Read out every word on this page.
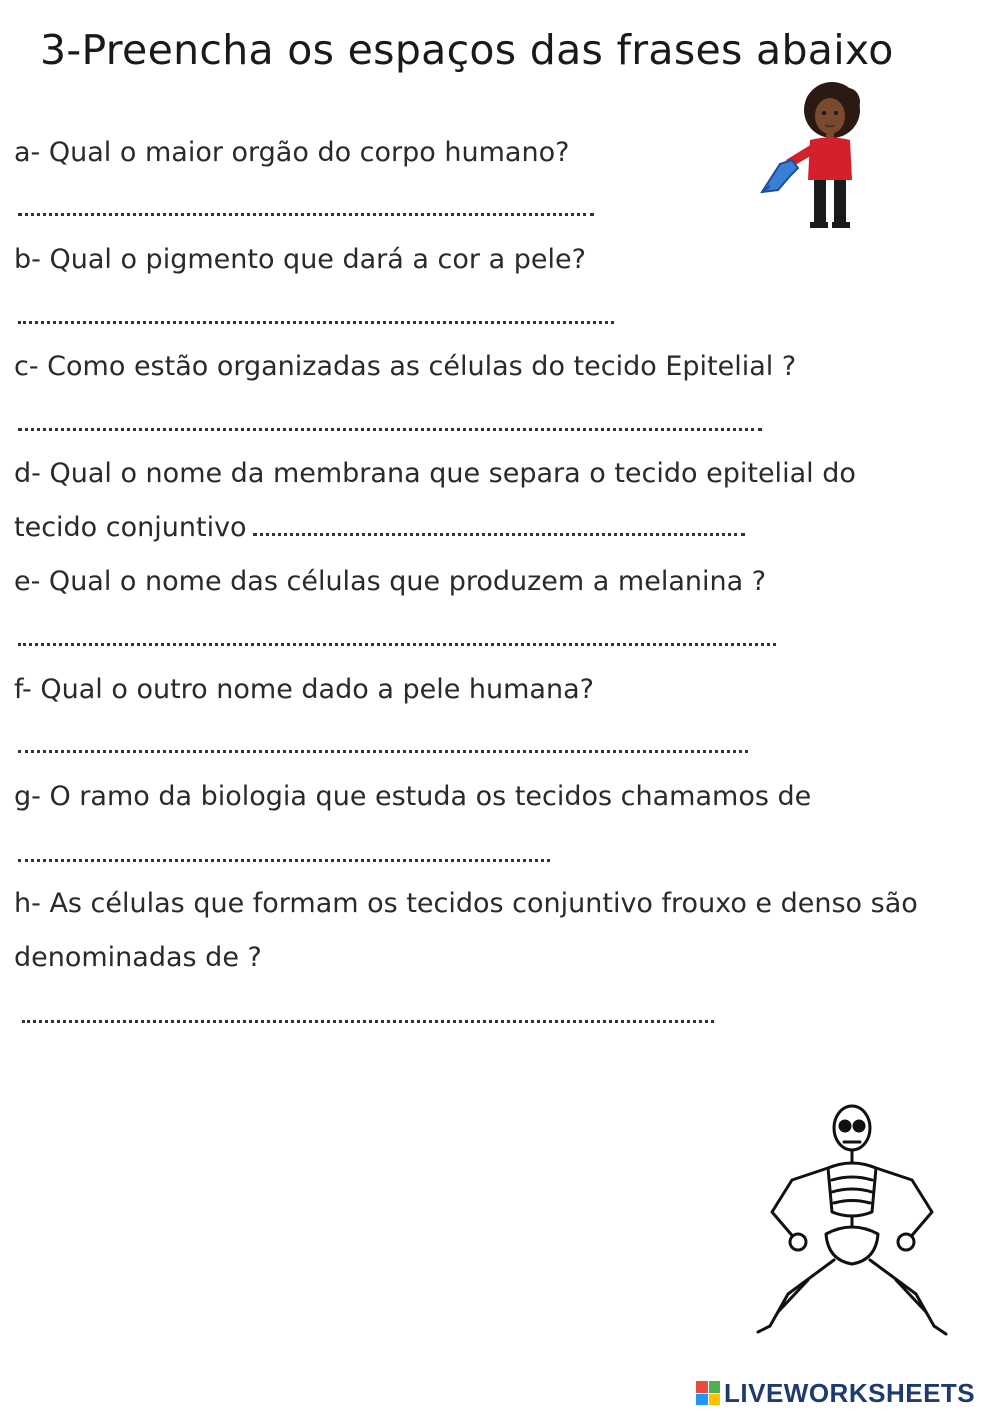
3-Preencha os espaços das frases abaixo

a- Qual o maior orgão do corpo humano?

b- Qual o pigmento que dará a cor a pele?

c- Como estão organizadas as células do tecido Epitelial ?

d- Qual o nome da membrana que separa o tecido epitelial do

tecido conjuntivo

e- Qual o nome das células que produzem a melanina ?

f- Qual o outro nome dado a pele humana?

g- O ramo da biologia que estuda os tecidos chamamos de

h- As células que formam os tecidos conjuntivo frouxo e denso são

denominadas de ?

LIVEWORKSHEETS
